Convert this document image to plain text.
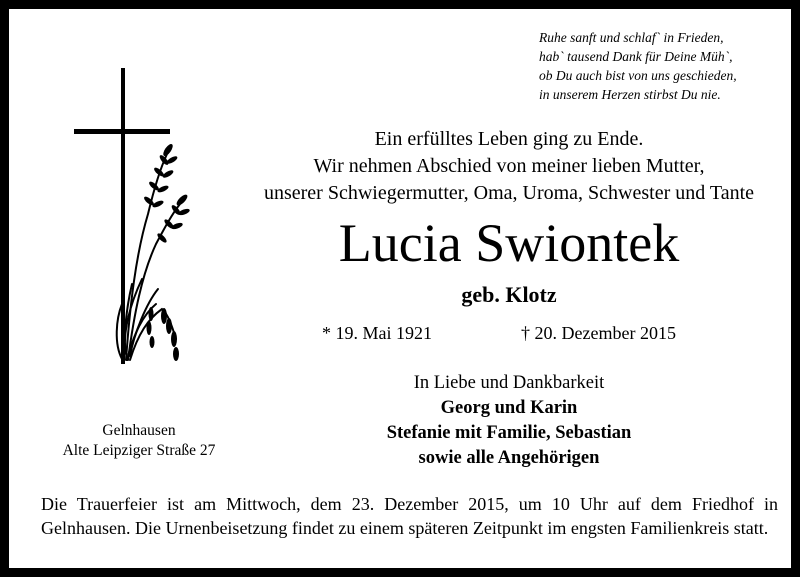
Ruhe sanft und schlaf` in Frieden,
hab` tausend Dank für Deine Müh`,
ob Du auch bist von uns geschieden,
in unserem Herzen stirbst Du nie.
Ein erfülltes Leben ging zu Ende.
Wir nehmen Abschied von meiner lieben Mutter,
unserer Schwiegermutter, Oma, Uroma, Schwester und Tante
Lucia Swiontek
geb. Klotz
* 19. Mai 1921	† 20. Dezember 2015
In Liebe und Dankbarkeit
Georg und Karin
Stefanie mit Familie, Sebastian
sowie alle Angehörigen
Gelnhausen
Alte Leipziger Straße 27
Die Trauerfeier ist am Mittwoch, dem 23. Dezember 2015, um 10 Uhr auf dem Friedhof in Gelnhausen. Die Urnenbeisetzung findet zu einem späteren Zeitpunkt im engsten Familienkreis statt.
